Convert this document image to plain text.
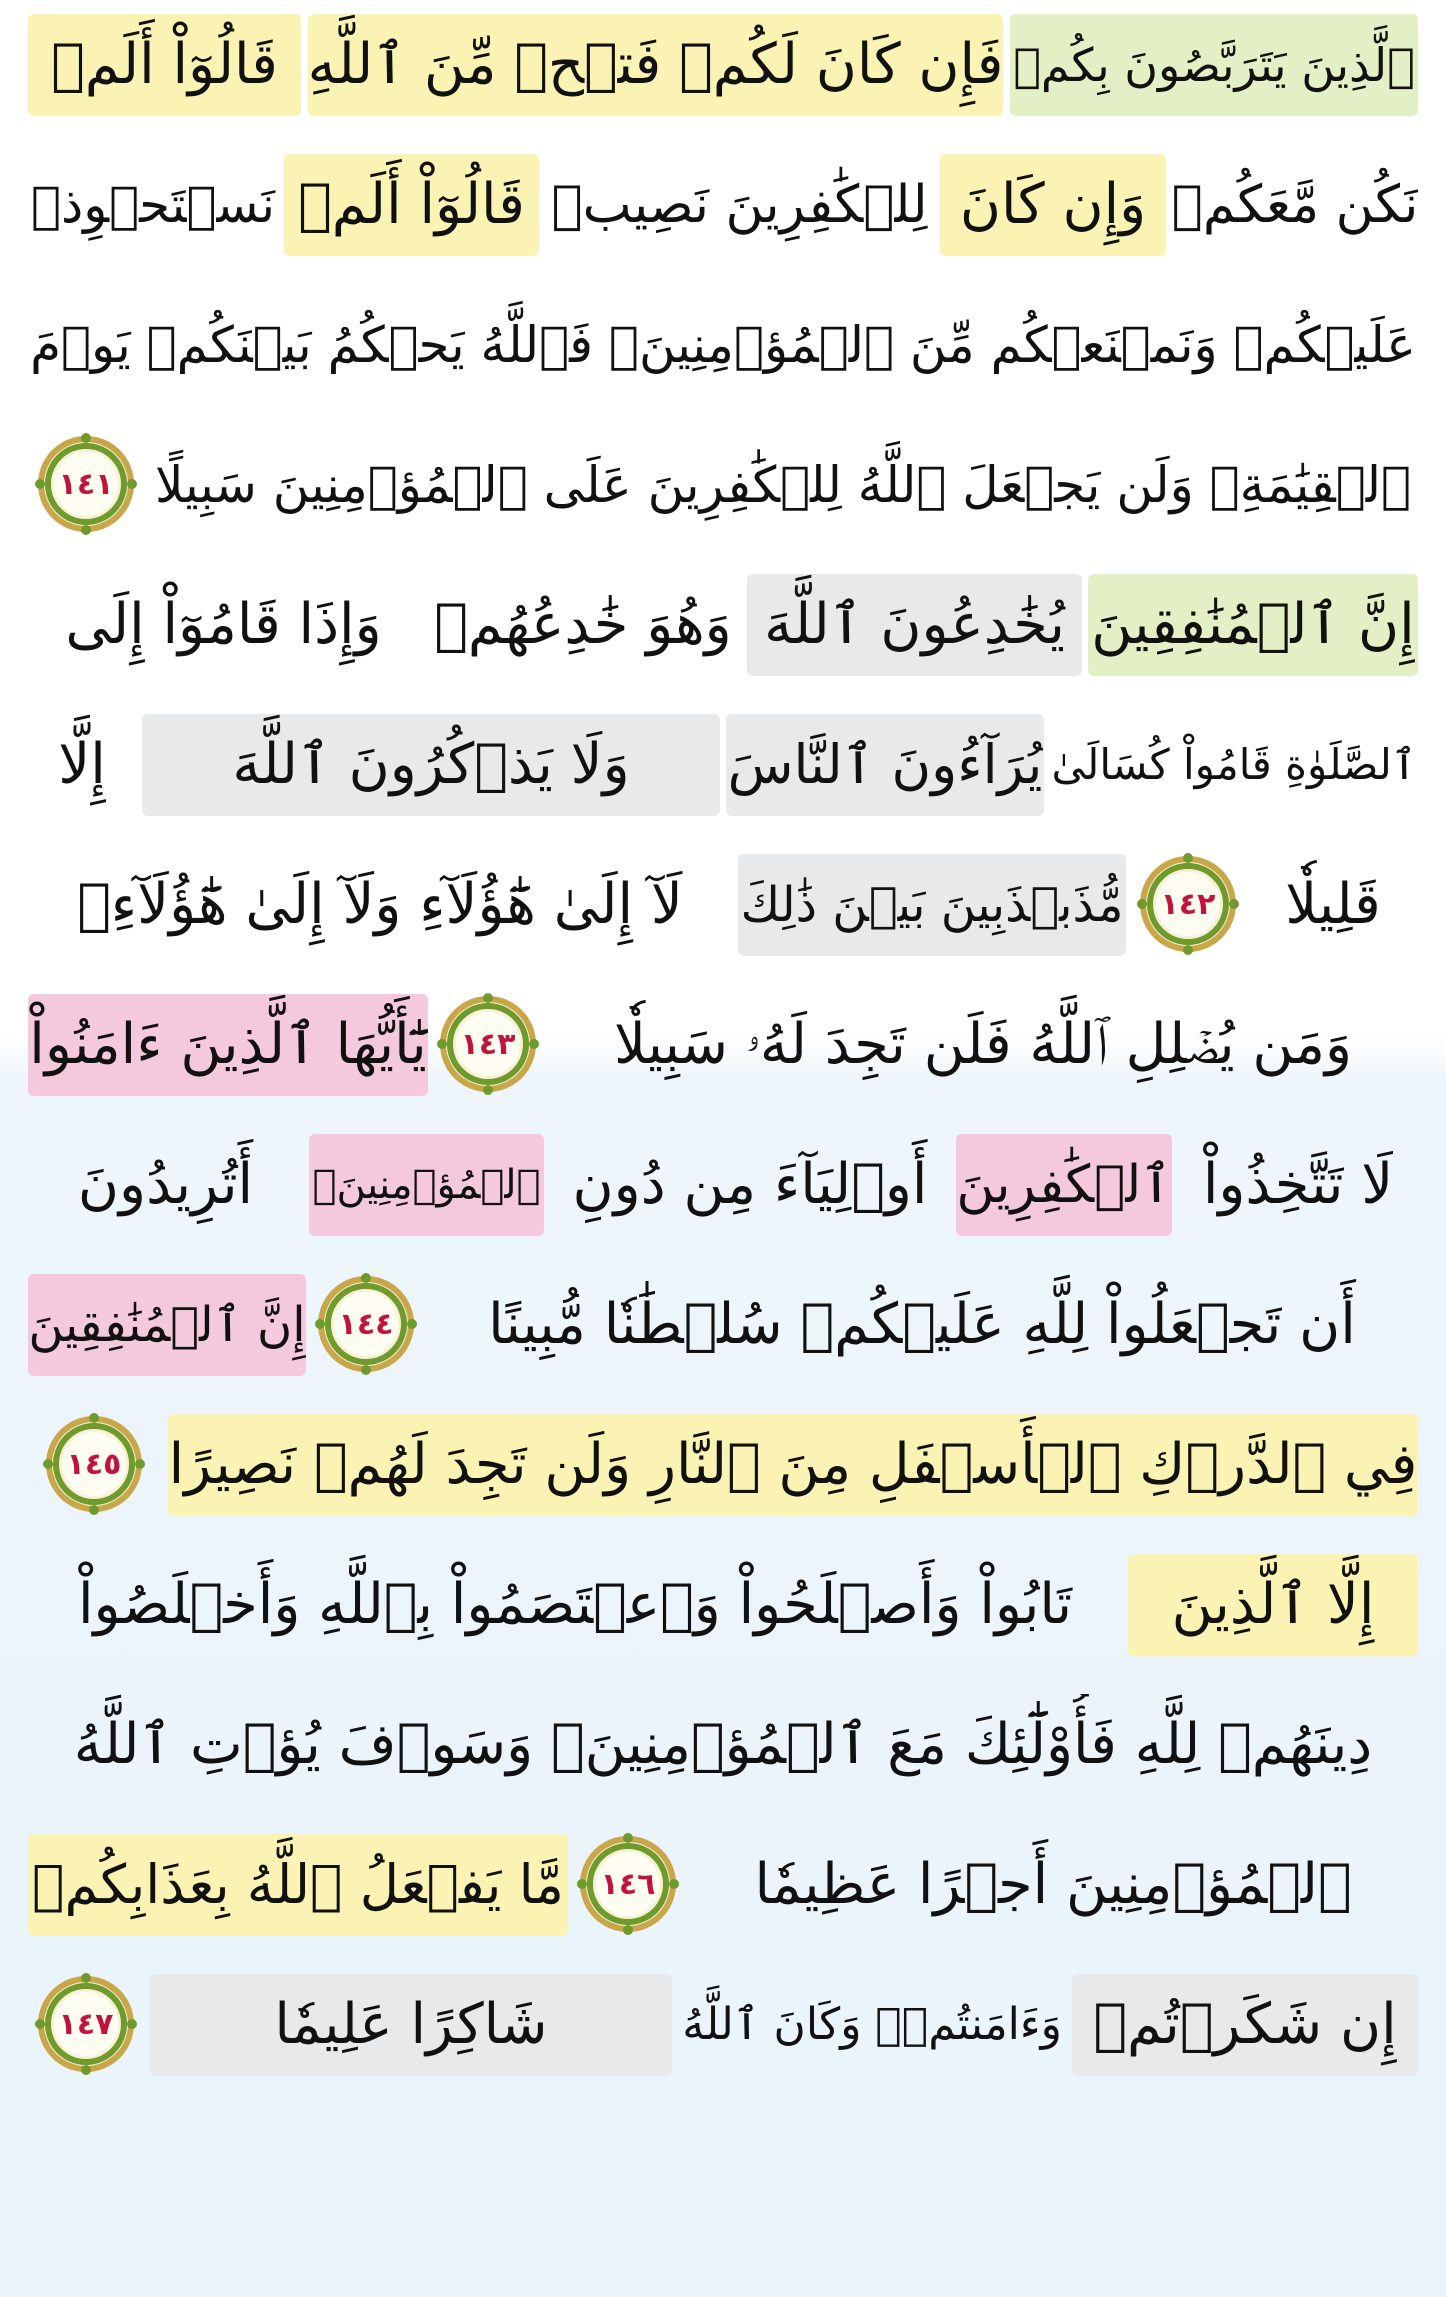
ٱلَّذِينَ يَتَرَبَّصُونَ بِكُمۡ
فَإِن كَانَ لَكُمۡ فَتۡحٞ مِّنَ ٱللَّهِ
قَالُوٓاْ أَلَمۡ
نَكُن مَّعَكُمۡ
وَإِن كَانَ
لِلۡكَٰفِرِينَ نَصِيبٞ
قَالُوٓاْ أَلَمۡ
نَسۡتَحۡوِذۡ
عَلَيۡكُمۡ وَنَمۡنَعۡكُم مِّنَ ٱلۡمُؤۡمِنِينَۚ فَٱللَّهُ يَحۡكُمُ بَيۡنَكُمۡ يَوۡمَ
ٱلۡقِيَٰمَةِۗ وَلَن يَجۡعَلَ ٱللَّهُ لِلۡكَٰفِرِينَ عَلَى ٱلۡمُؤۡمِنِينَ سَبِيلًا
١٤١
إِنَّ ٱلۡمُنَٰفِقِينَ
يُخَٰدِعُونَ ٱللَّهَ
وَهُوَ خَٰدِعُهُمۡ
وَإِذَا قَامُوٓاْ إِلَى
ٱلصَّلَوٰةِ قَامُواْ كُسَالَىٰ
يُرَآءُونَ ٱلنَّاسَ
وَلَا يَذۡكُرُونَ ٱللَّهَ
إِلَّا
قَلِيلٗا
١٤٢
مُّذَبۡذَبِينَ بَيۡنَ ذَٰلِكَ
لَآ إِلَىٰ هَٰٓؤُلَآءِ وَلَآ إِلَىٰ هَٰٓؤُلَآءِۚ
وَمَن يُضۡلِلِ ٱللَّهُ فَلَن تَجِدَ لَهُۥ سَبِيلٗا
١٤٣
يَٰٓأَيُّهَا ٱلَّذِينَ ءَامَنُواْ
لَا تَتَّخِذُواْ
ٱلۡكَٰفِرِينَ
أَوۡلِيَآءَ مِن دُونِ
ٱلۡمُؤۡمِنِينَۚ
أَتُرِيدُونَ
أَن تَجۡعَلُواْ لِلَّهِ عَلَيۡكُمۡ سُلۡطَٰنٗا مُّبِينًا
١٤٤
إِنَّ ٱلۡمُنَٰفِقِينَ
فِي ٱلدَّرۡكِ ٱلۡأَسۡفَلِ مِنَ ٱلنَّارِ وَلَن تَجِدَ لَهُمۡ نَصِيرًا
١٤٥
إِلَّا ٱلَّذِينَ
تَابُواْ وَأَصۡلَحُواْ وَٱعۡتَصَمُواْ بِٱللَّهِ وَأَخۡلَصُواْ
دِينَهُمۡ لِلَّهِ فَأُوْلَٰٓئِكَ مَعَ ٱلۡمُؤۡمِنِينَۖ وَسَوۡفَ يُؤۡتِ ٱللَّهُ
ٱلۡمُؤۡمِنِينَ أَجۡرًا عَظِيمٗا
١٤٦
مَّا يَفۡعَلُ ٱللَّهُ بِعَذَابِكُمۡ
إِن شَكَرۡتُمۡ
وَءَامَنتُمۡۚ وَكَانَ ٱللَّهُ
شَاكِرًا عَلِيمٗا
١٤٧
